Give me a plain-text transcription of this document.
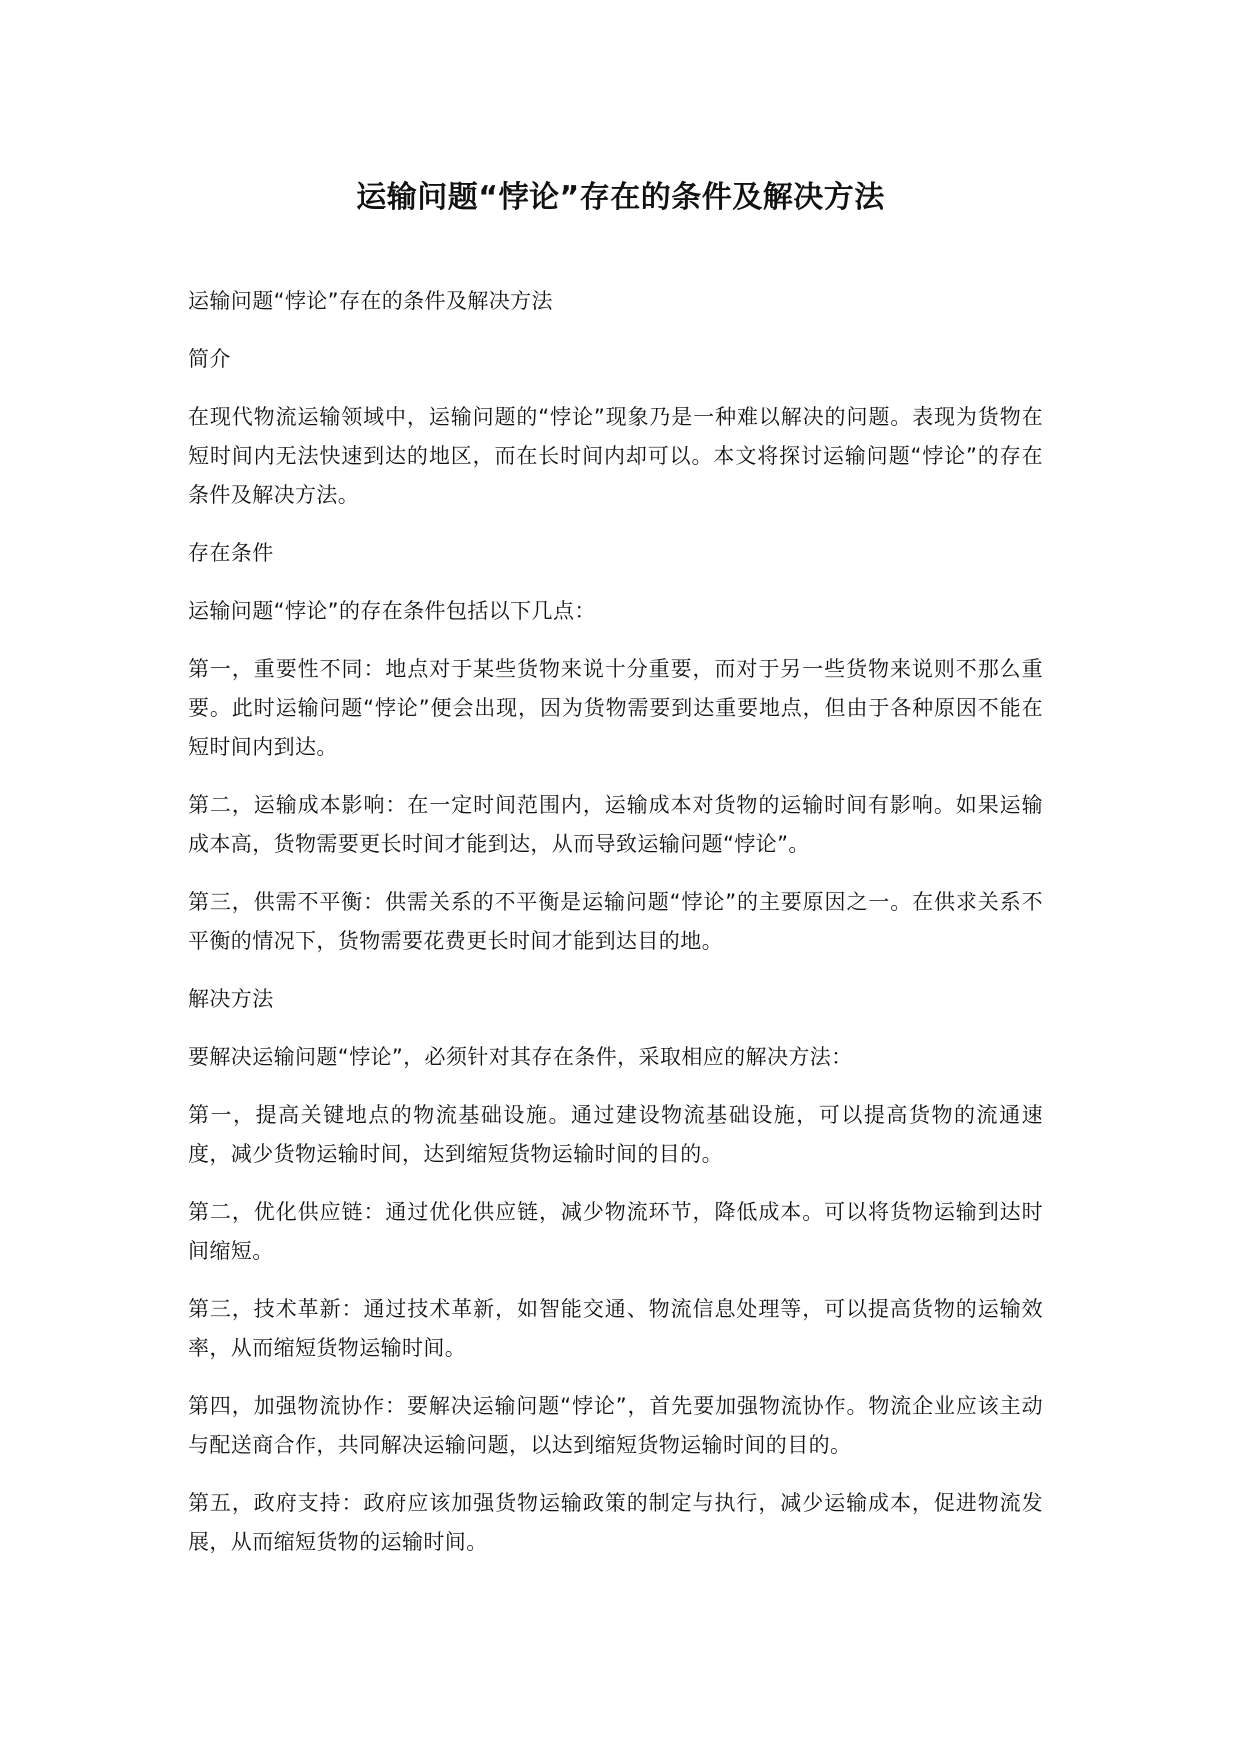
运输问题“悖论”存在的条件及解决方法

运输问题“悖论”存在的条件及解决方法

简介

在现代物流运输领域中，运输问题的“悖论”现象乃是一种难以解决的问题。表现为货物在短时间内无法快速到达的地区，而在长时间内却可以。本文将探讨运输问题“悖论”的存在条件及解决方法。

存在条件

运输问题“悖论”的存在条件包括以下几点：

第一，重要性不同：地点对于某些货物来说十分重要，而对于另一些货物来说则不那么重要。此时运输问题“悖论”便会出现，因为货物需要到达重要地点，但由于各种原因不能在短时间内到达。

第二，运输成本影响：在一定时间范围内，运输成本对货物的运输时间有影响。如果运输成本高，货物需要更长时间才能到达，从而导致运输问题“悖论”。

第三，供需不平衡：供需关系的不平衡是运输问题“悖论”的主要原因之一。在供求关系不平衡的情况下，货物需要花费更长时间才能到达目的地。

解决方法

要解决运输问题“悖论”，必须针对其存在条件，采取相应的解决方法：

第一，提高关键地点的物流基础设施。通过建设物流基础设施，可以提高货物的流通速度，减少货物运输时间，达到缩短货物运输时间的目的。

第二，优化供应链：通过优化供应链，减少物流环节，降低成本。可以将货物运输到达时间缩短。

第三，技术革新：通过技术革新，如智能交通、物流信息处理等，可以提高货物的运输效率，从而缩短货物运输时间。

第四，加强物流协作：要解决运输问题“悖论”，首先要加强物流协作。物流企业应该主动与配送商合作，共同解决运输问题，以达到缩短货物运输时间的目的。

第五，政府支持：政府应该加强货物运输政策的制定与执行，减少运输成本，促进物流发展，从而缩短货物的运输时间。
